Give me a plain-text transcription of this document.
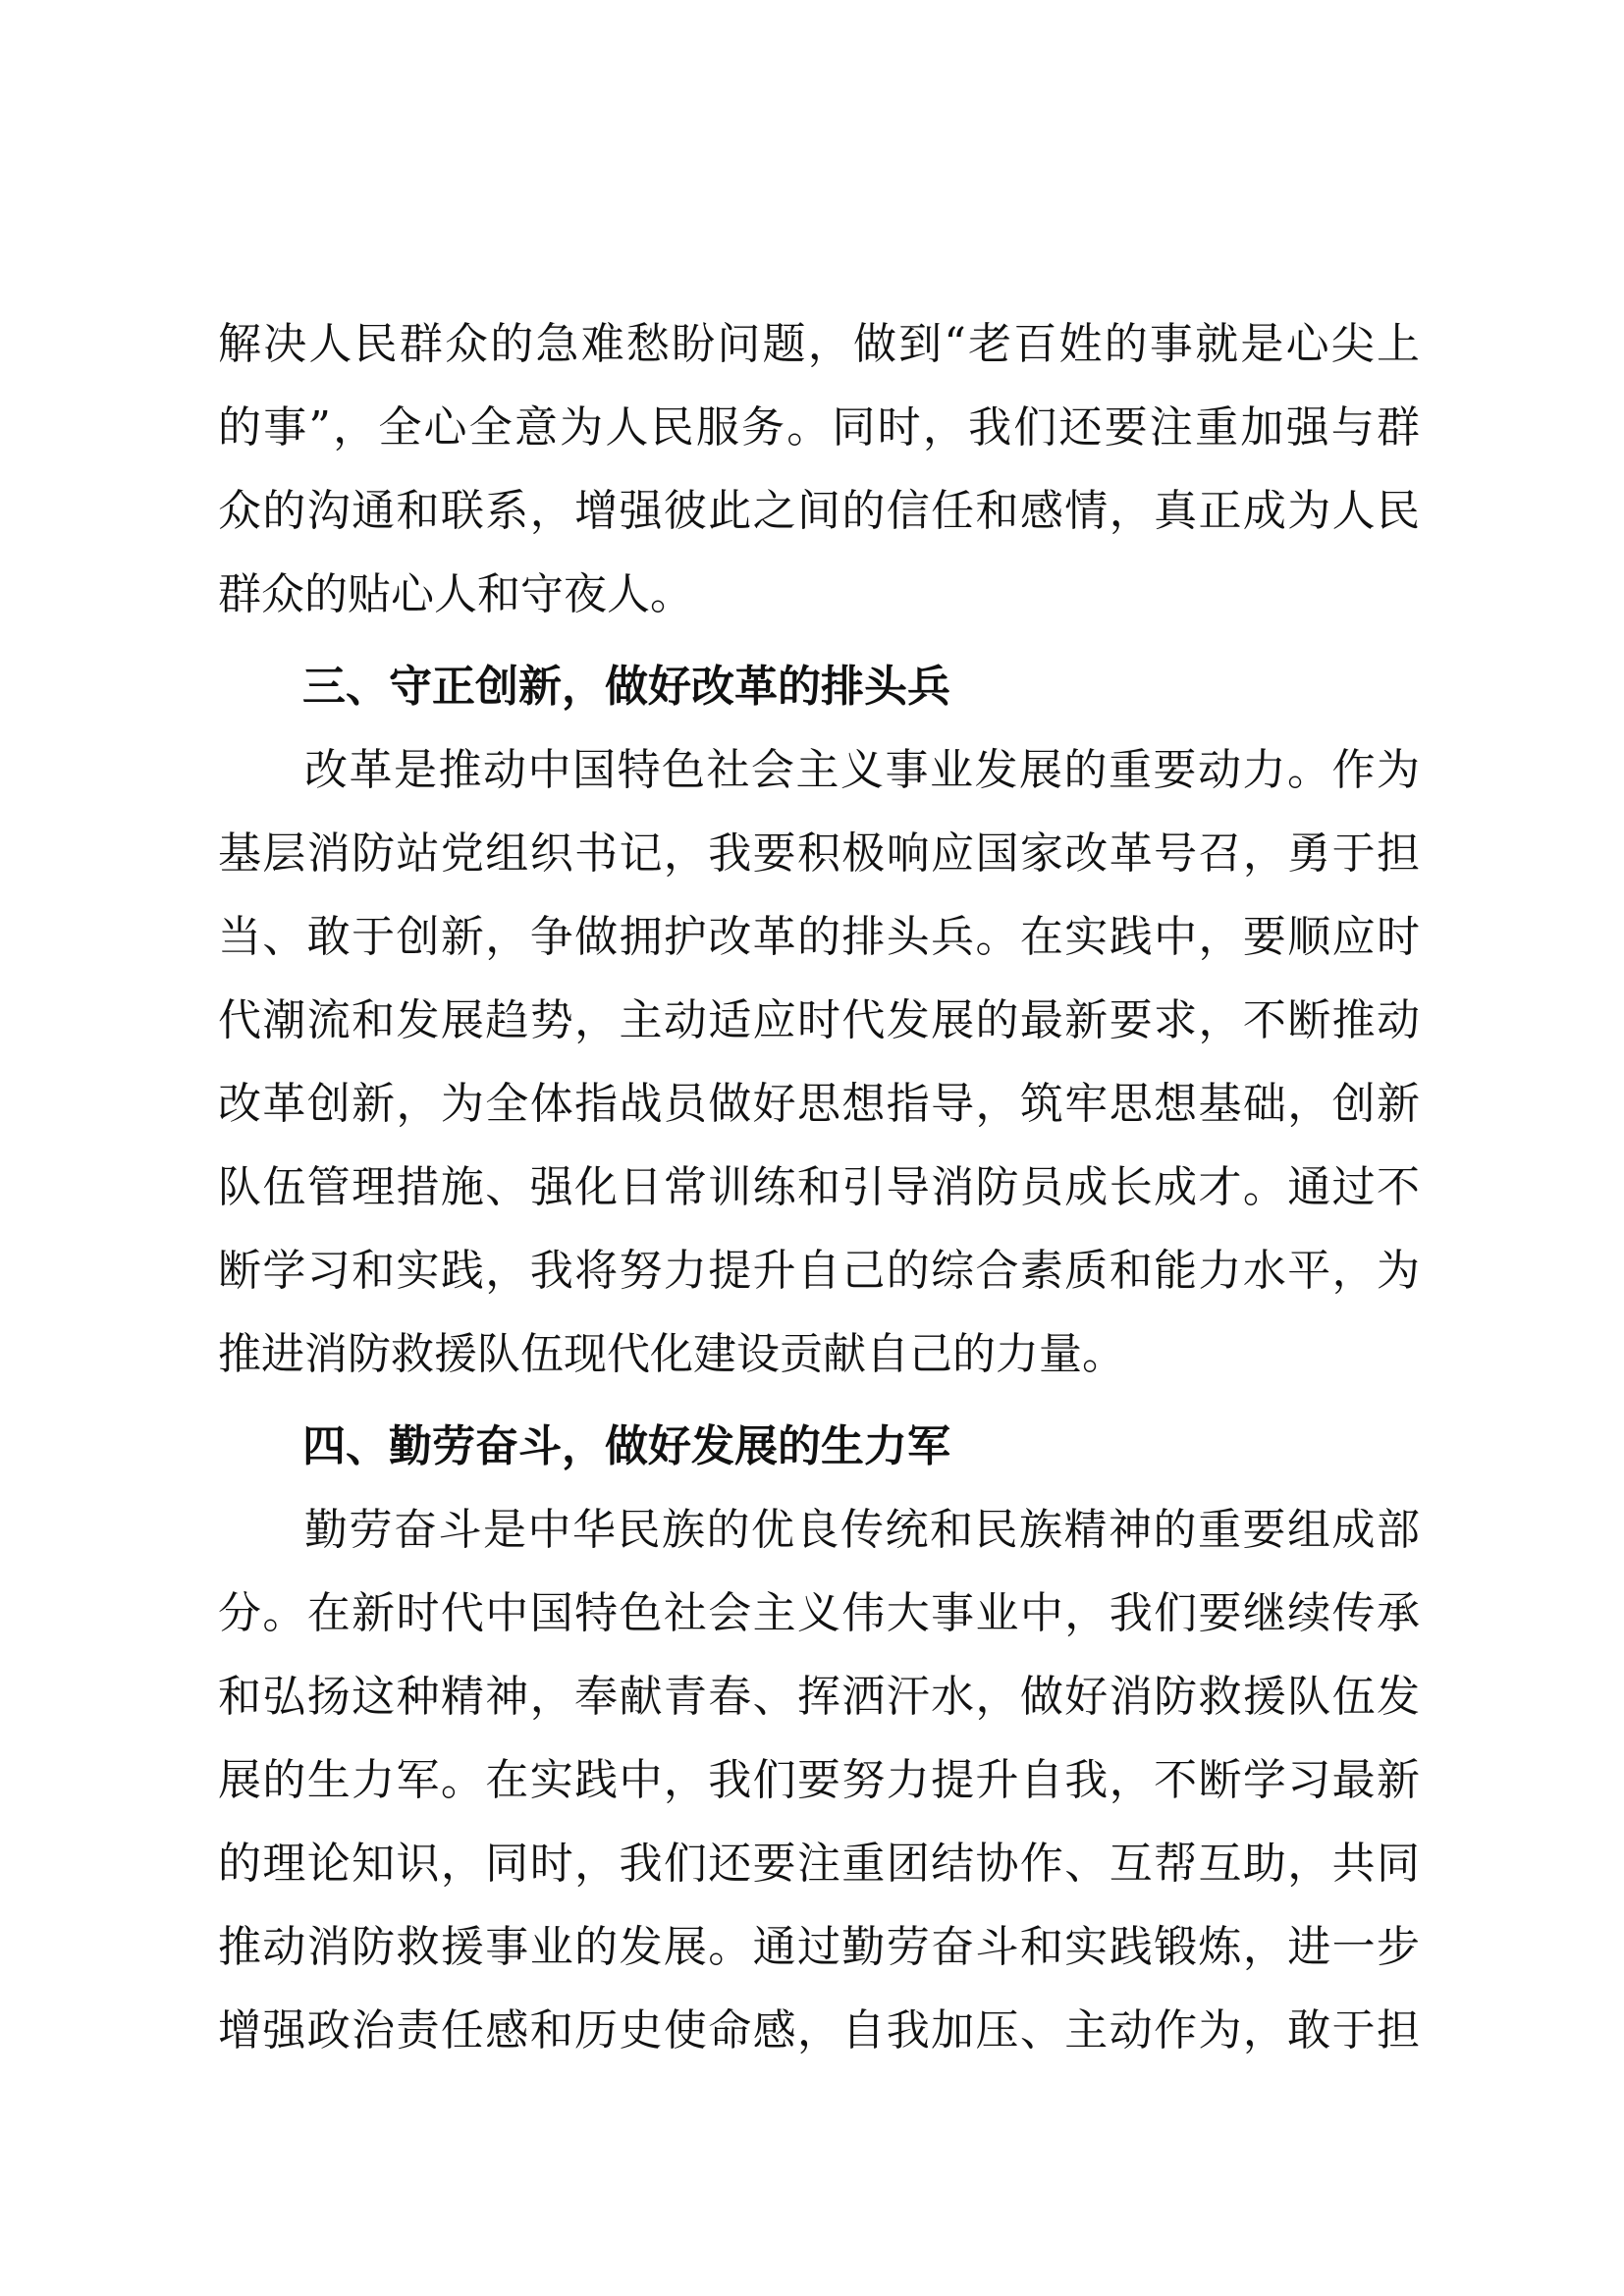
解决人民群众的急难愁盼问题，做到“老百姓的事就是心尖上
的事”，全心全意为人民服务。同时，我们还要注重加强与群
众的沟通和联系，增强彼此之间的信任和感情，真正成为人民
群众的贴心人和守夜人。
三、守正创新，做好改革的排头兵
改革是推动中国特色社会主义事业发展的重要动力。作为
基层消防站党组织书记，我要积极响应国家改革号召，勇于担
当、敢于创新，争做拥护改革的排头兵。在实践中，要顺应时
代潮流和发展趋势，主动适应时代发展的最新要求，不断推动
改革创新，为全体指战员做好思想指导，筑牢思想基础，创新
队伍管理措施、强化日常训练和引导消防员成长成才。通过不
断学习和实践，我将努力提升自己的综合素质和能力水平，为
推进消防救援队伍现代化建设贡献自己的力量。
四、勤劳奋斗，做好发展的生力军
勤劳奋斗是中华民族的优良传统和民族精神的重要组成部
分。在新时代中国特色社会主义伟大事业中，我们要继续传承
和弘扬这种精神，奉献青春、挥洒汗水，做好消防救援队伍发
展的生力军。在实践中，我们要努力提升自我，不断学习最新
的理论知识，同时，我们还要注重团结协作、互帮互助，共同
推动消防救援事业的发展。通过勤劳奋斗和实践锻炼，进一步
增强政治责任感和历史使命感，自我加压、主动作为，敢于担
